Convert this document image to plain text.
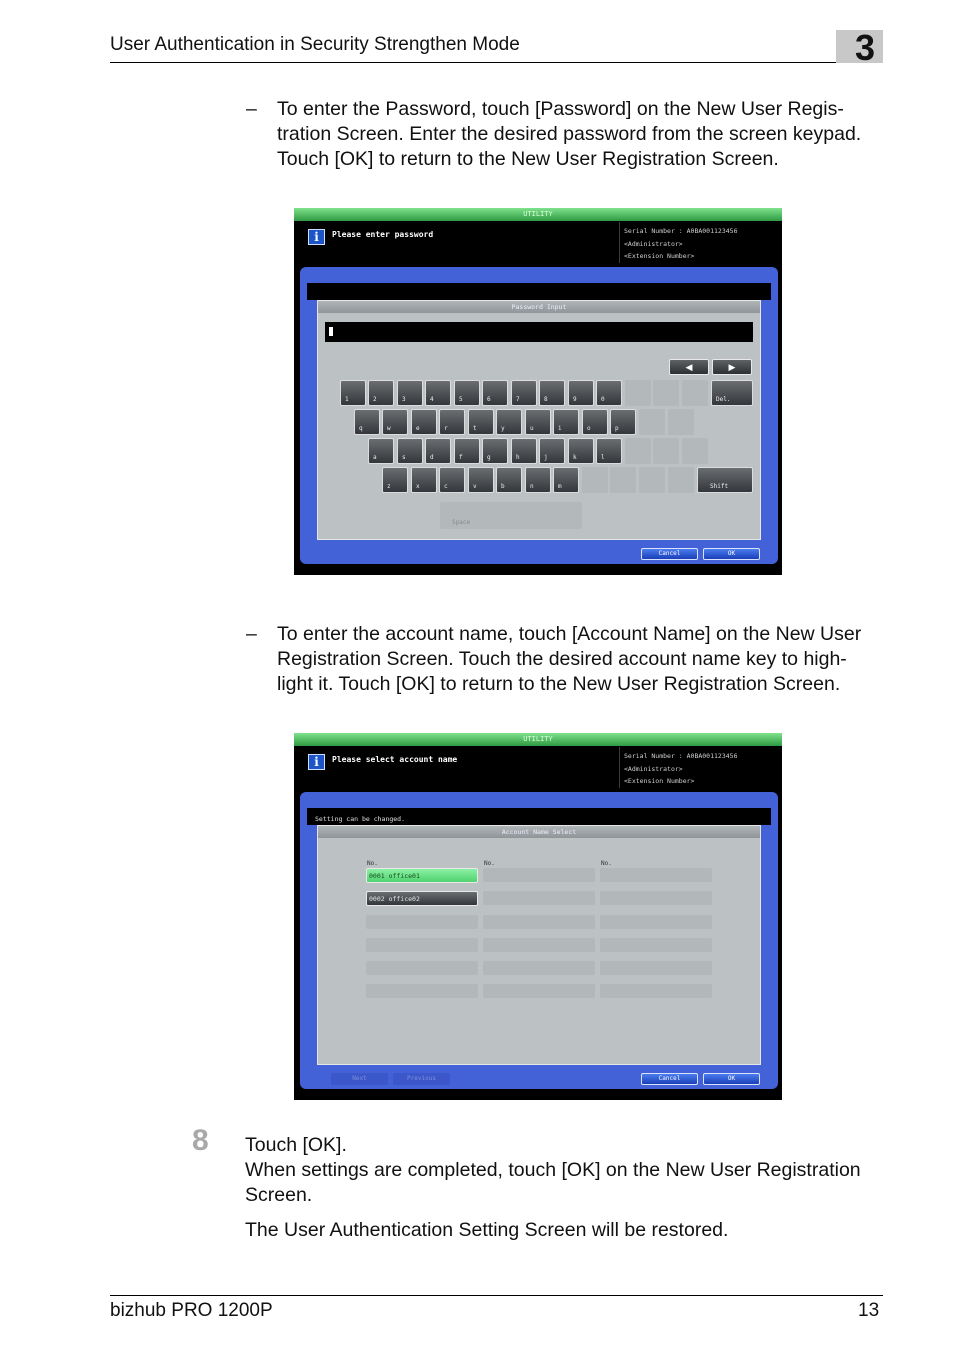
User Authentication in Security Strengthen Mode	3
– To enter the Password, touch [Password] on the New User Regis-
tration Screen. Enter the desired password from the screen keypad.
Touch [OK] to return to the New User Registration Screen.
UTILITY
i	Please enter password	Serial Number : A0BA001123456
<Administrator>
<Extension Number>
Password Input
◀	▶
1	2	3	4	5	6	7	8	9	0	Del.
q	w	e	r	t	y	u	i	o	p
a	s	d	f	g	h	j	k	l
z	x	c	v	b	n	m	Shift
Space
Cancel	OK
– To enter the account name, touch [Account Name] on the New User
Registration Screen. Touch the desired account name key to high-
light it. Touch [OK] to return to the New User Registration Screen.
UTILITY
i	Please select account name	Serial Number : A0BA001123456
<Administrator>
<Extension Number>
Setting can be changed.
Account Name Select
No.	No.	No.
0001 office01
0002 office02
Next	Previous	Cancel	OK
8 Touch [OK].
When settings are completed, touch [OK] on the New User Registration
Screen.
The User Authentication Setting Screen will be restored.
bizhub PRO 1200P	13
